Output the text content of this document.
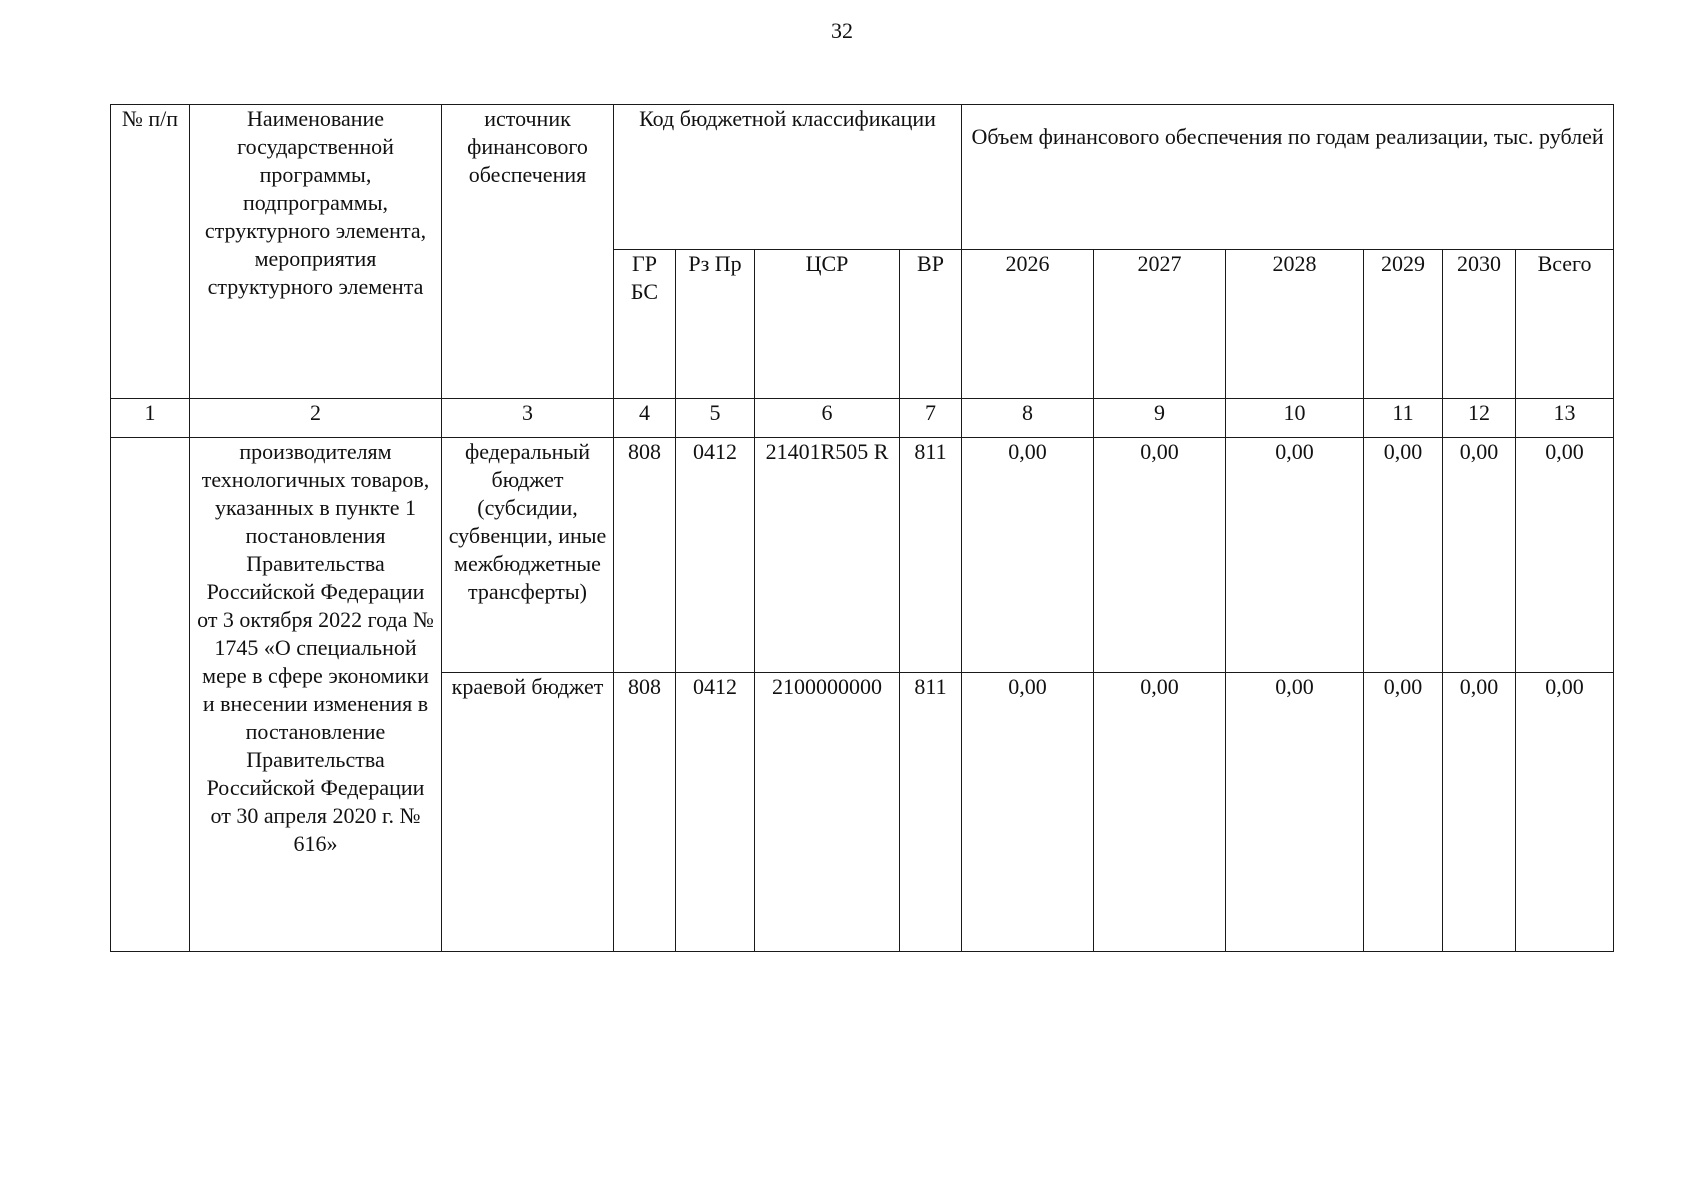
32
№ п/п	Наименование государственной программы, подпрограммы, структурного элемента, мероприятия структурного элемента	источник финансового обеспечения	Код бюджетной классификации				Объем финансового обеспечения по годам реализации, тыс. рублей					
			ГР БС	Рз Пр	ЦСР	ВР	2026	2027	2028	2029	2030	Всего
1	2	3	4	5	6	7	8	9	10	11	12	13
	производителям технологичных товаров, указанных в пункте 1 постановления Правительства Российской Федерации от 3 октября 2022 года № 1745 «О специальной мере в сфере экономики и внесении изменения в постановление Правительства Российской Федерации от 30 апреля 2020 г. № 616»	федеральный бюджет (субсидии, субвенции, иные межбюджетные трансферты)	808	0412	21401R505 R	811	0,00	0,00	0,00	0,00	0,00	0,00
		краевой бюджет	808	0412	2100000000	811	0,00	0,00	0,00	0,00	0,00	0,00
